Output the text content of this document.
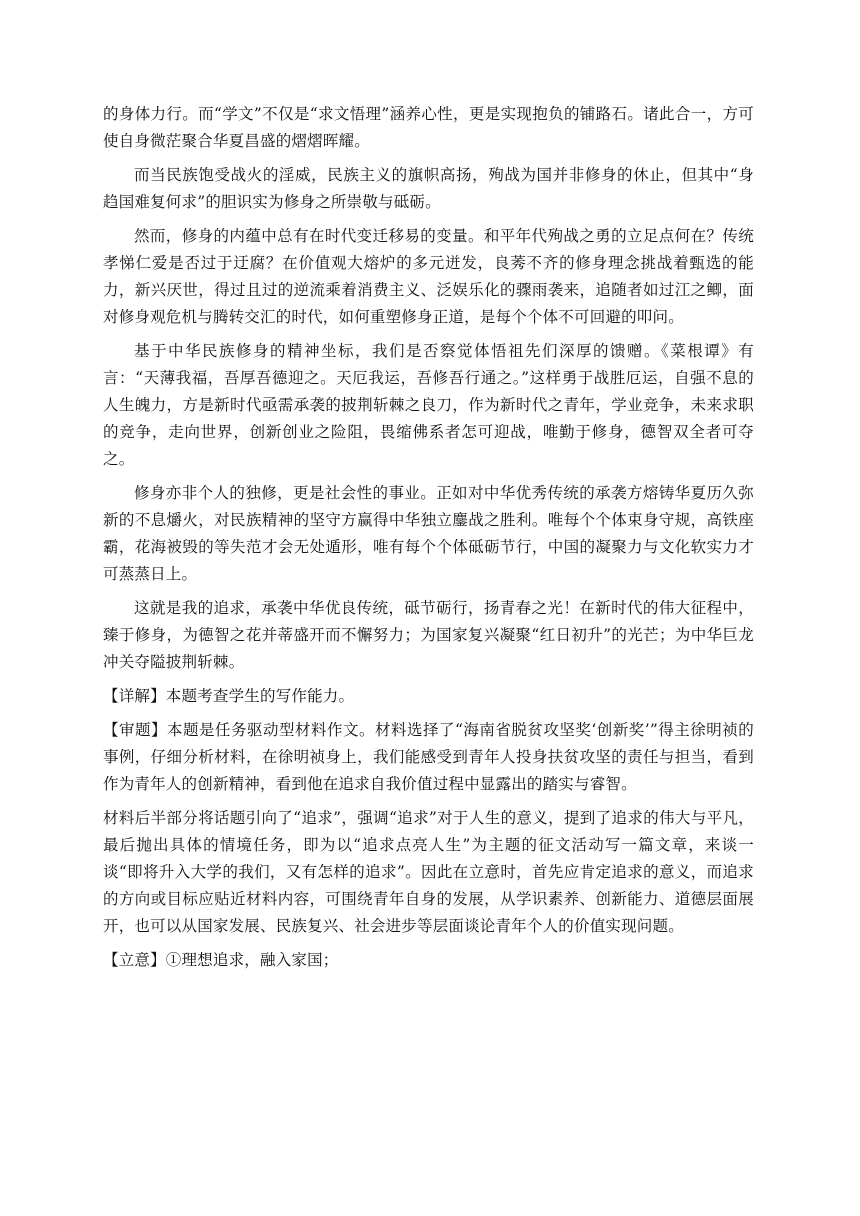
的身体力行。而“学文”不仅是“求文悟理”涵养心性，更是实现抱负的铺路石。诸此合一，方可使自身微茫聚合华夏昌盛的熠熠晖耀。

而当民族饱受战火的淫威，民族主义的旗帜高扬，殉战为国并非修身的休止，但其中“身趋国难复何求”的胆识实为修身之所崇敬与砥砺。

然而，修身的内蕴中总有在时代变迁移易的变量。和平年代殉战之勇的立足点何在？传统孝悌仁爱是否过于迂腐？在价值观大熔炉的多元迸发，良莠不齐的修身理念挑战着甄选的能力，新兴厌世，得过且过的逆流乘着消费主义、泛娱乐化的骤雨袭来，追随者如过江之鲫，面对修身观危机与腾转交汇的时代，如何重塑修身正道，是每个个体不可回避的叩问。

基于中华民族修身的精神坐标，我们是否察觉体悟祖先们深厚的馈赠。《菜根谭》有言：“天薄我福，吾厚吾德迎之。天厄我运，吾修吾行通之。”这样勇于战胜厄运，自强不息的人生魄力，方是新时代亟需承袭的披荆斩棘之良刀，作为新时代之青年，学业竞争，未来求职的竞争，走向世界，创新创业之险阻，畏缩佛系者怎可迎战，唯勤于修身，德智双全者可夺之。

修身亦非个人的独修，更是社会性的事业。正如对中华优秀传统的承袭方熔铸华夏历久弥新的不息爝火，对民族精神的坚守方赢得中华独立鏖战之胜利。唯每个个体束身守规，高铁座霸，花海被毁的等失范才会无处遁形，唯有每个个体砥砺节行，中国的凝聚力与文化软实力才可蒸蒸日上。

这就是我的追求，承袭中华优良传统，砥节砺行，扬青春之光！在新时代的伟大征程中，臻于修身，为德智之花并蒂盛开而不懈努力；为国家复兴凝聚“红日初升”的光芒；为中华巨龙冲关夺隘披荆斩棘。

【详解】本题考查学生的写作能力。

【审题】本题是任务驱动型材料作文。材料选择了“海南省脱贫攻坚奖‘创新奖’”得主徐明祯的事例，仔细分析材料，在徐明祯身上，我们能感受到青年人投身扶贫攻坚的责任与担当，看到作为青年人的创新精神，看到他在追求自我价值过程中显露出的踏实与睿智。

材料后半部分将话题引向了“追求”，强调“追求”对于人生的意义，提到了追求的伟大与平凡，最后抛出具体的情境任务，即为以“追求点亮人生”为主题的征文活动写一篇文章，来谈一谈“即将升入大学的我们，又有怎样的追求”。因此在立意时，首先应肯定追求的意义，而追求的方向或目标应贴近材料内容，可围绕青年自身的发展，从学识素养、创新能力、道德层面展开，也可以从国家发展、民族复兴、社会进步等层面谈论青年个人的价值实现问题。

【立意】①理想追求，融入家国；
